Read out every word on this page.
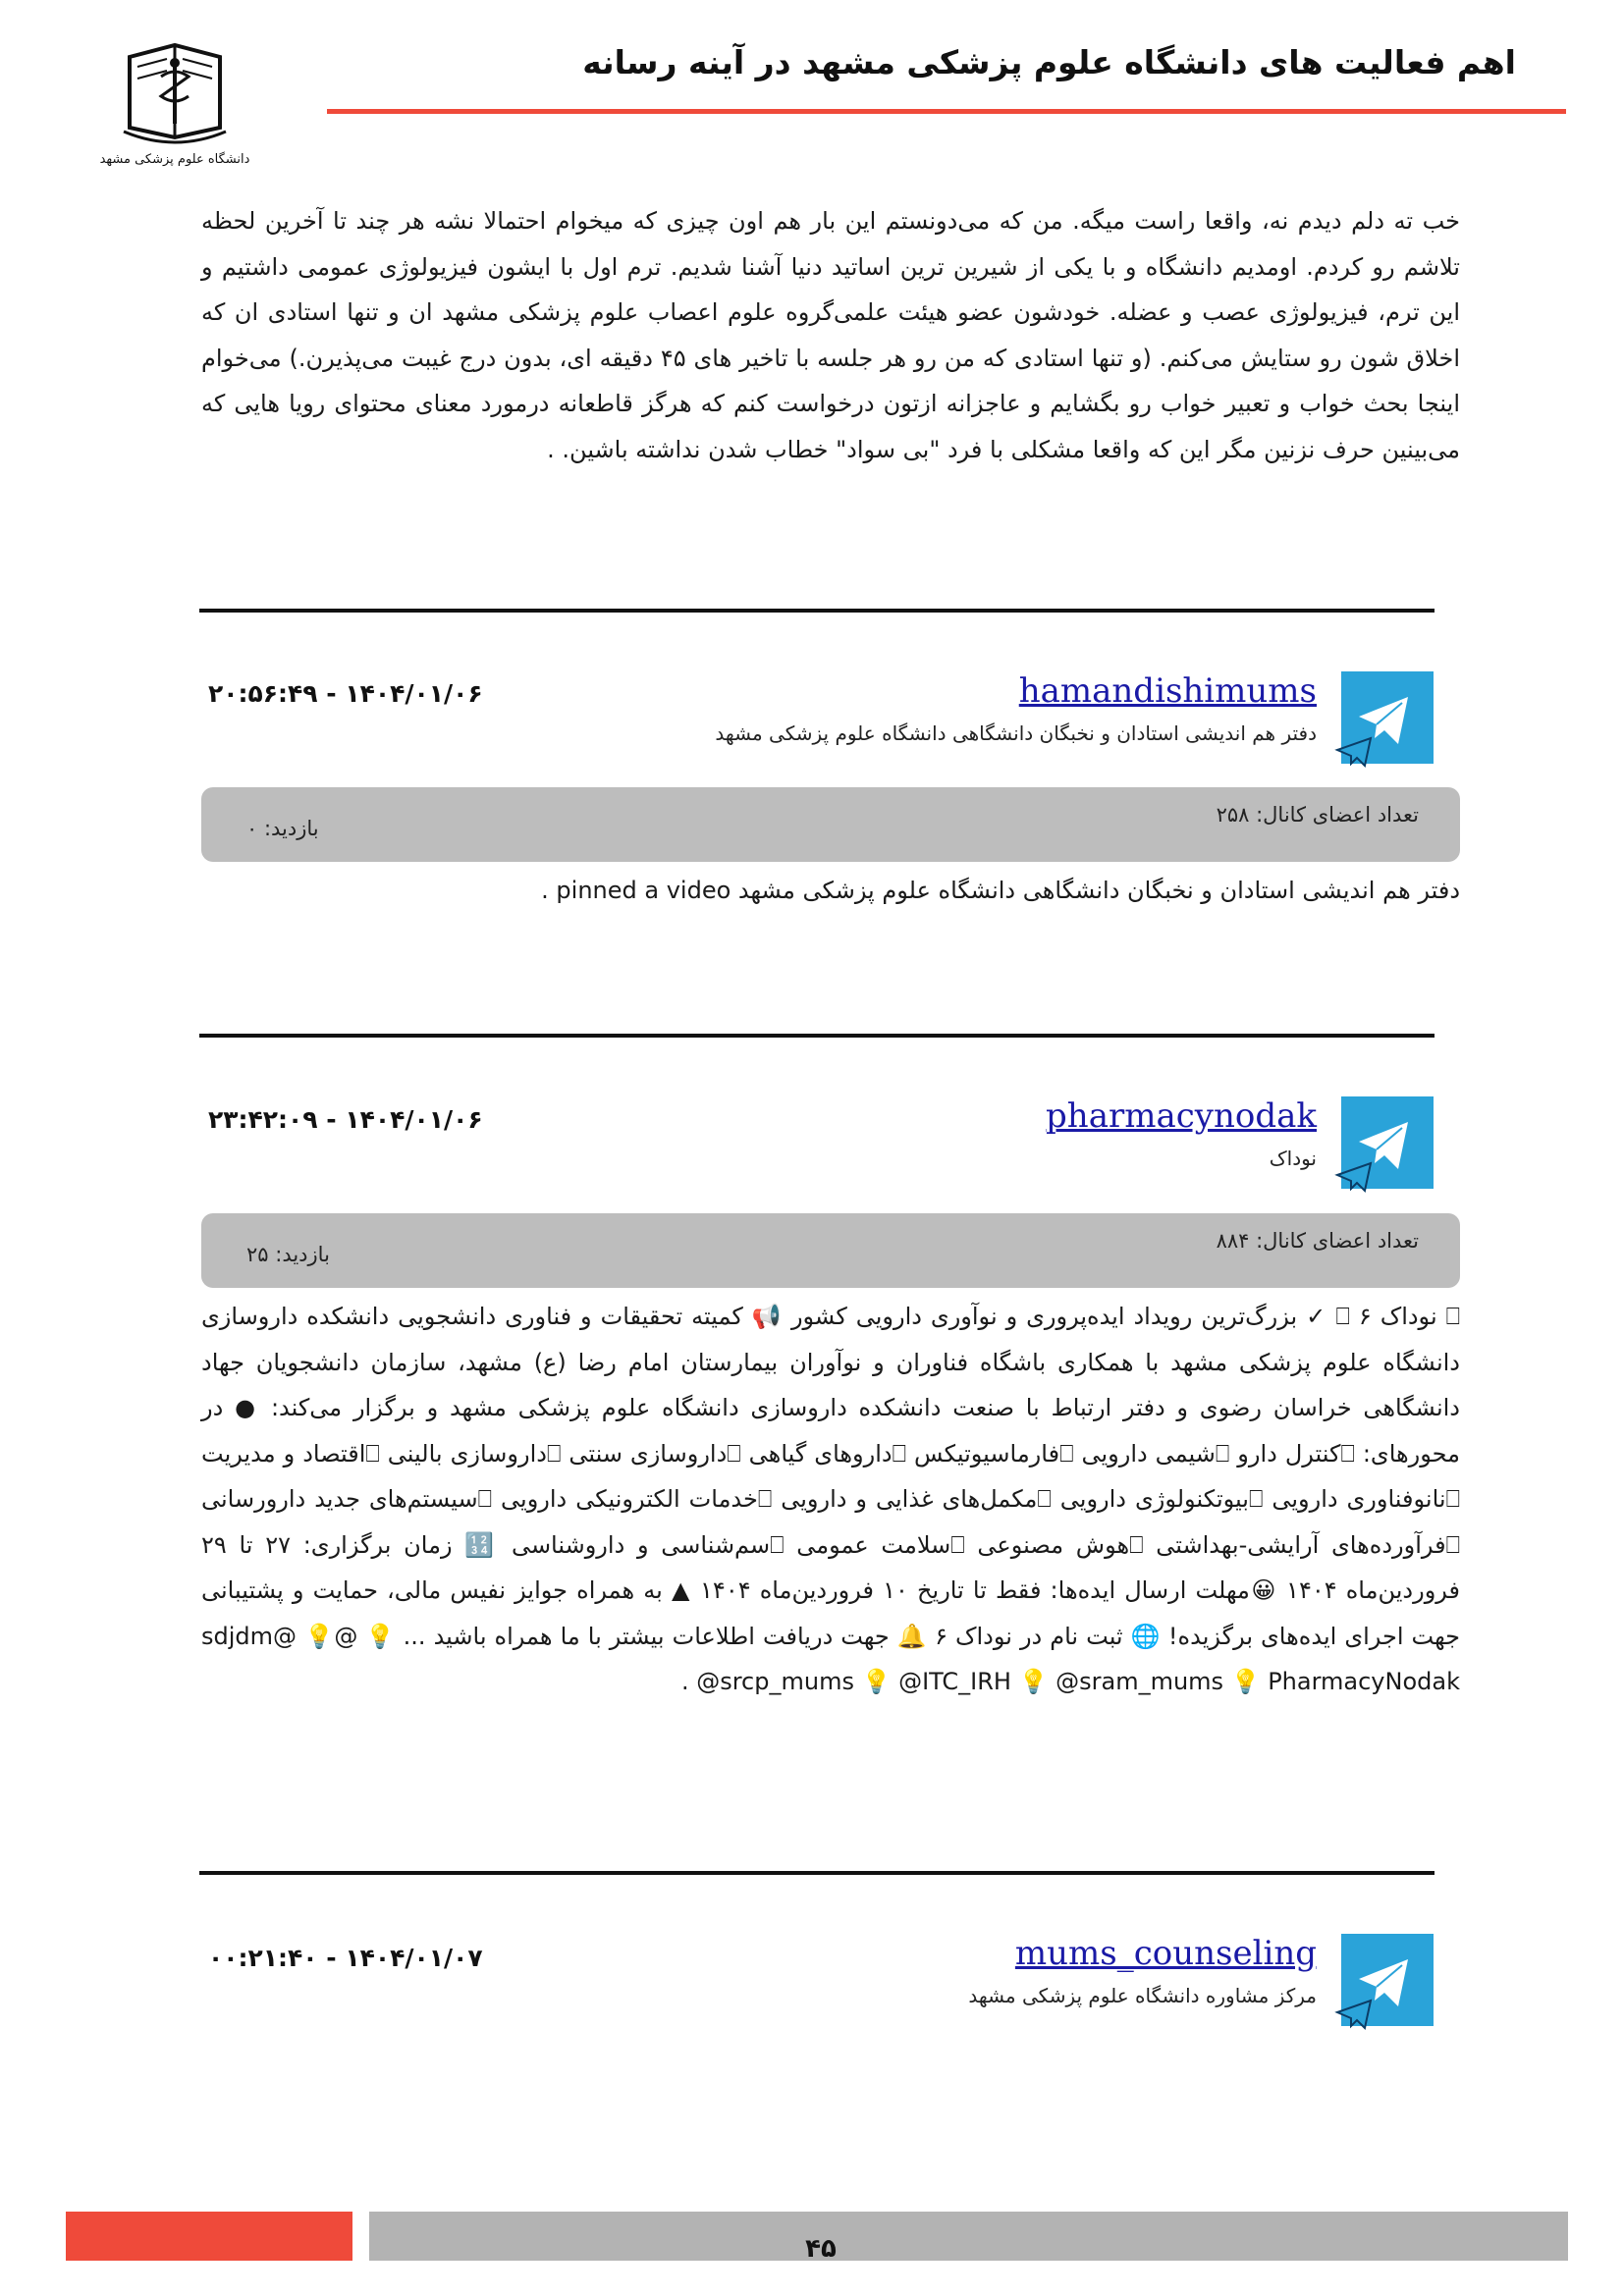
اهم فعالیت های دانشگاه علوم پزشکی مشهد در آینه رسانه
دانشگاه علوم پزشکی مشهد
خب ته دلم دیدم نه، واقعا راست میگه. من که می‌دونستم این بار هم اون چیزی که میخوام احتمالا نشه هر چند تا آخرین لحظه تلاشم رو کردم. اومدیم دانشگاه و با یکی از شیرین ترین اساتید دنیا آشنا شدیم. ترم اول با ایشون فیزیولوژی عمومی داشتیم و این ترم، فیزیولوژی عصب و عضله. خودشون عضو هیئت علمی‌گروه علوم اعصاب علوم پزشکی مشهد ان و تنها استادی ان که اخلاق شون رو ستایش می‌کنم. (و تنها استادی که من رو هر جلسه با تاخیر های ۴۵ دقیقه ای، بدون درج غیبت می‌پذیرن.) می‌خوام اینجا بحث خواب و تعبیر خواب رو بگشایم و عاجزانه ازتون درخواست کنم که هرگز قاطعانه درمورد معنای محتوای رویا هایی که می‌بینین حرف نزنین مگر این که واقعا مشکلی با فرد "بی سواد" خطاب شدن نداشته باشین. .
hamandishimums
دفتر هم اندیشی استادان و نخبگان دانشگاهی دانشگاه علوم پزشکی مشهد
۲۰:۵۶:۴۹ - ۱۴۰۴/۰۱/۰۶
تعداد اعضای کانال: ۲۵۸
بازدید: ۰
دفتر هم اندیشی استادان و نخبگان دانشگاهی دانشگاه علوم پزشکی مشهد pinned a video .
pharmacynodak
نوداک
۲۳:۴۲:۰۹ - ۱۴۰۴/۰۱/۰۶
تعداد اعضای کانال: ۸۸۴
بازدید: ۲۵
⎕ نوداک ۶ ⎕ ✓ بزرگ‌ترین رویداد ایده‌پروری و نوآوری دارویی کشور 📢 کمیته تحقیقات و فناوری دانشجویی دانشکده داروسازی دانشگاه علوم پزشکی مشهد با همکاری باشگاه فناوران و نوآوران بیمارستان امام رضا (ع) مشهد، سازمان دانشجویان جهاد دانشگاهی خراسان رضوی و دفتر ارتباط با صنعت دانشکده داروسازی دانشگاه علوم پزشکی مشهد و برگزار می‌کند: ● در محورهای: ⎕کنترل دارو ⎕شیمی دارویی ⎕فارماسیوتیکس ⎕داروهای گیاهی ⎕داروسازی سنتی ⎕داروسازی بالینی ⎕اقتصاد و مدیریت ⎕نانوفناوری دارویی ⎕بیوتکنولوژی دارویی ⎕مکمل‌های غذایی و دارویی ⎕خدمات الکترونیکی دارویی ⎕سیستم‌های جدید دارورسانی ⎕فرآورده‌های آرایشی-بهداشتی ⎕هوش مصنوعی ⎕سلامت عمومی ⎕سم‌شناسی و داروشناسی 🔢 زمان برگزاری: ۲۷ تا ۲۹ فروردین‌ماه ۱۴۰۴ 😀مهلت ارسال ایده‌ها: فقط تا تاریخ ۱۰ فروردین‌ماه ۱۴۰۴ ▲ به همراه جوایز نفیس مالی، حمایت و پشتیبانی جهت اجرای ایده‌های برگزیده! 🌐 ثبت نام در نوداک ۶ 🔔 جهت دریافت اطلاعات بیشتر با ما همراه باشید ... 💡 @sdjdm@ 💡 @srcp_mums 💡 @ITC_IRH 💡 @sram_mums 💡 PharmacyNodak .
mums_counseling
مرکز مشاوره دانشگاه علوم پزشکی مشهد
۰۰:۲۱:۴۰ - ۱۴۰۴/۰۱/۰۷
۴۵
